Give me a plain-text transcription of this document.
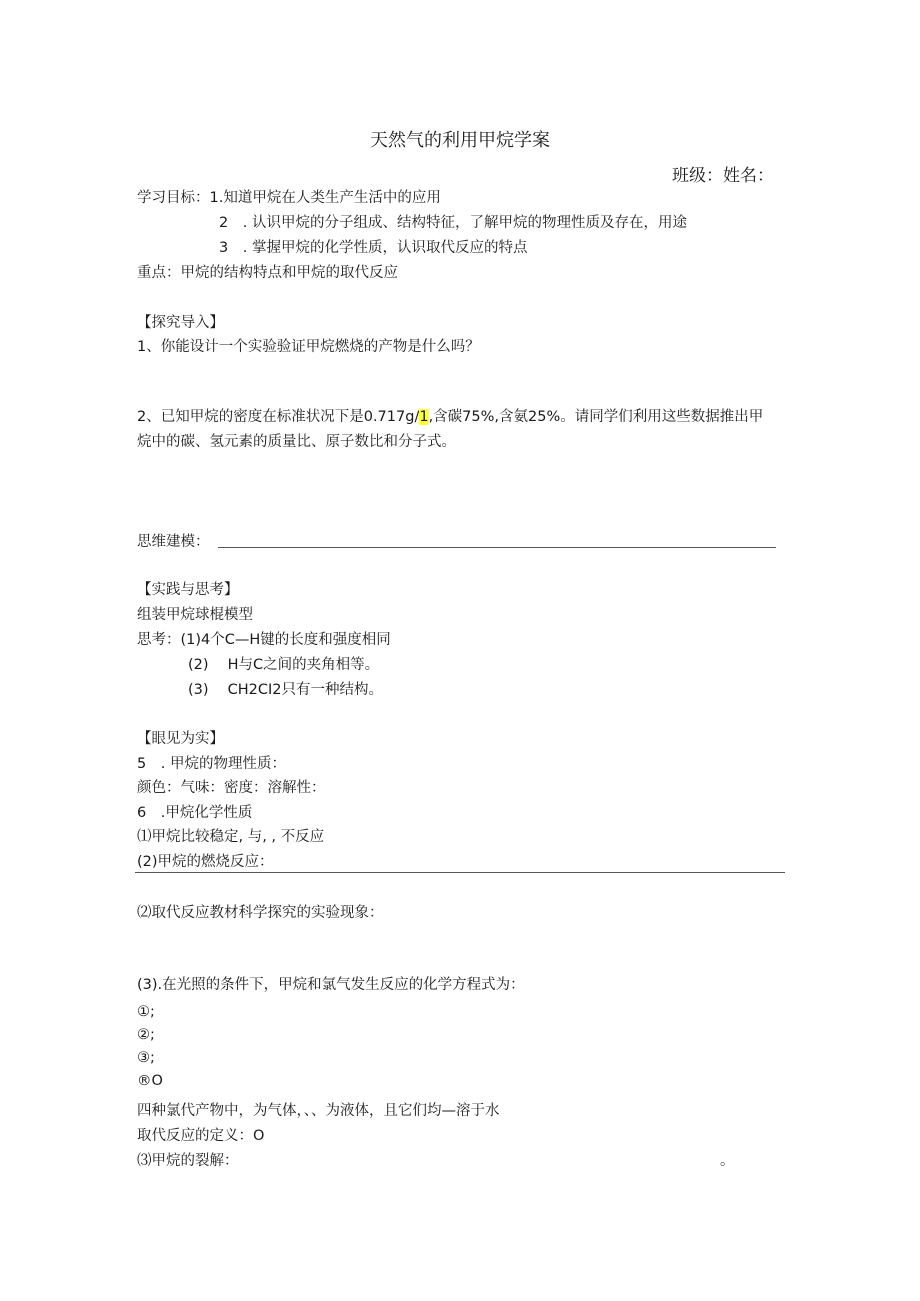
天然气的利用甲烷学案
班级：姓名：
学习目标：1.知道甲烷在人类生产生活中的应用
2　. 认识甲烷的分子组成、结构特征，了解甲烷的物理性质及存在，用途
3　. 掌握甲烷的化学性质，认识取代反应的特点
重点：甲烷的结构特点和甲烷的取代反应
【探究导入】
1、你能设计一个实验验证甲烷燃烧的产物是什么吗？
2、已知甲烷的密度在标准状况下是0.717g/1,含碳75%,含氨25%。请同学们利用这些数据推出甲
烷中的碳、氢元素的质量比、原子数比和分子式。
思维建模：
【实践与思考】
组装甲烷球棍模型
思考：(1)4个C—H键的长度和强度相同
(2)　 H与C之间的夹角相等。
(3)　 CH2CI2只有一种结构。
【眼见为实】
5　. 甲烷的物理性质：
颜色：气味：密度：溶解性：
6　.甲烷化学性质
⑴甲烷比较稳定, 与, , 不反应
(2)甲烷的燃烧反应：
⑵取代反应教材科学探究的实验现象：
(3).在光照的条件下，甲烷和氯气发生反应的化学方程式为：
①;
②;
③;
®O
四种氯代产物中，为气体，、、为液体，且它们均—溶于水
取代反应的定义：O
⑶甲烷的裂解：	。
